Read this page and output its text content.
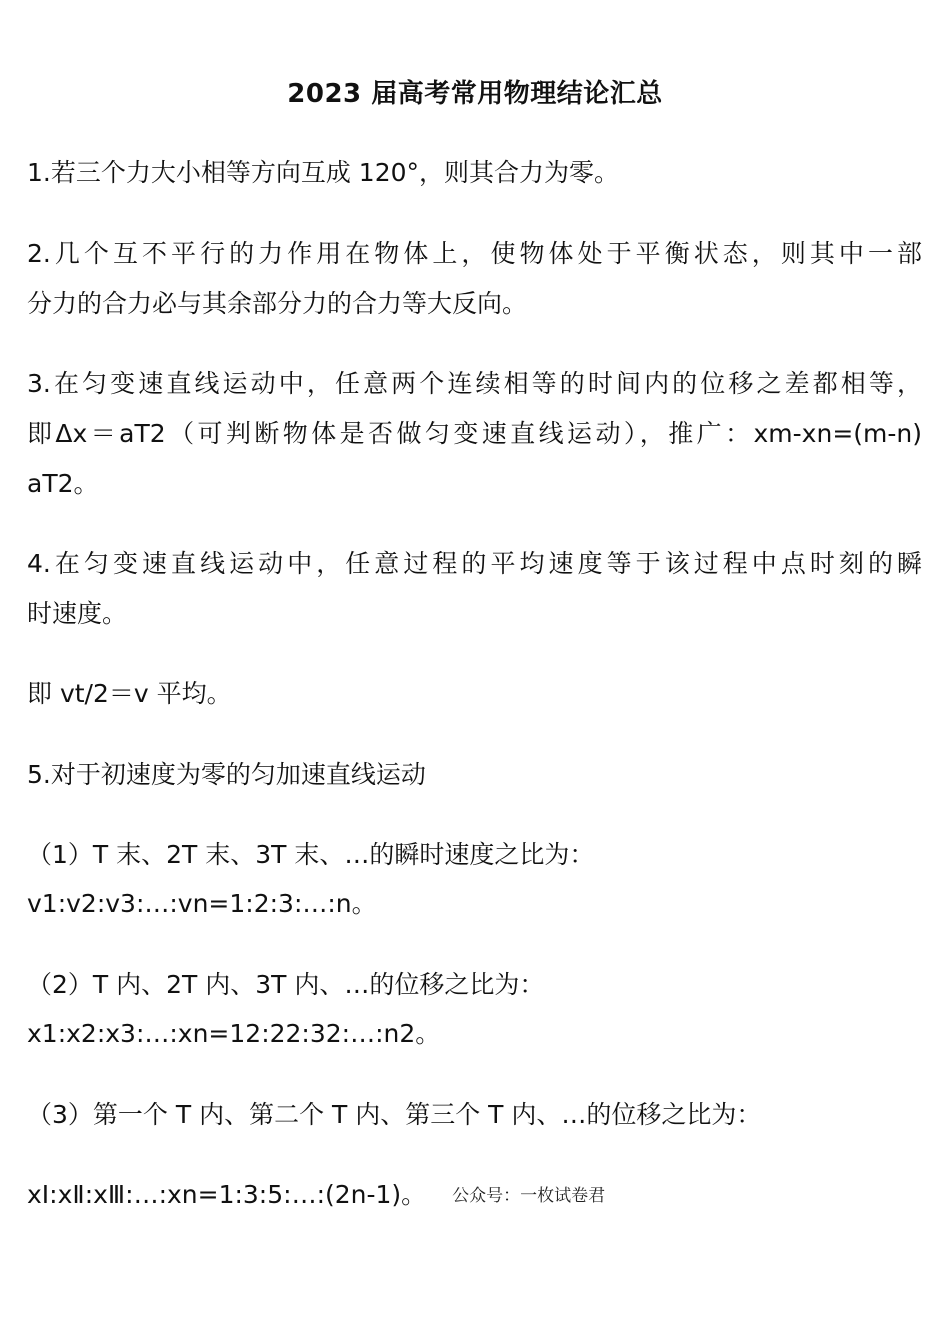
2023 届高考常用物理结论汇总
1.若三个力大小相等方向互成 120°，则其合力为零。
2.几个互不平行的力作用在物体上，使物体处于平衡状态，则其中一部
分力的合力必与其余部分力的合力等大反向。
3.在匀变速直线运动中，任意两个连续相等的时间内的位移之差都相等，
即Δx＝aT2（可判断物体是否做匀变速直线运动），推广：xm-xn=(m-n)
aT2。
4.在匀变速直线运动中，任意过程的平均速度等于该过程中点时刻的瞬
时速度。
即 vt/2＝v 平均。
5.对于初速度为零的匀加速直线运动
（1）T 末、2T 末、3T 末、…的瞬时速度之比为：
v1:v2:v3:…:vn=1:2:3:…:n。
（2）T 内、2T 内、3T 内、…的位移之比为：
x1:x2:x3:…:xn=12:22:32:…:n2。
（3）第一个 T 内、第二个 T 内、第三个 T 内、…的位移之比为：
xⅠ:xⅡ:xⅢ:…:xn=1:3:5:…:(2n-1)。 公众号：一枚试卷君
